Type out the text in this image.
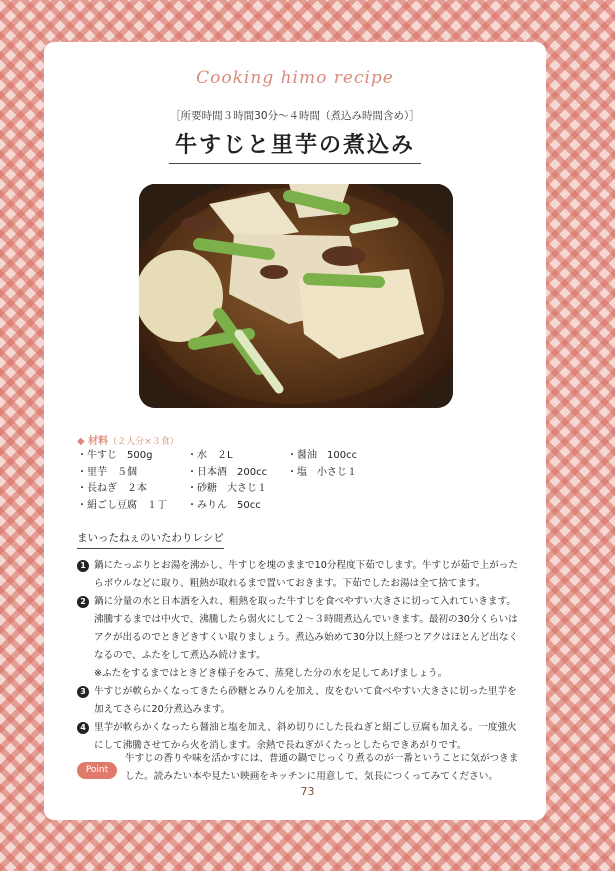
Cooking himo recipe
［所要時間３時間30分～４時間（煮込み時間含め）］
牛すじと里芋の煮込み
◆ 材料（２人分×３食）
・牛すじ　500g
・里芋　５個
・長ねぎ　２本
・絹ごし豆腐　１丁
・水　２L
・日本酒　200cc
・砂糖　大さじ１
・みりん　50cc
・醤油　100cc
・塩　小さじ１
まいったねぇのいたわりレシピ
1 鍋にたっぷりとお湯を沸かし、牛すじを塊のままで10分程度下茹でします。牛すじが茹で上がったらボウルなどに取り、粗熱が取れるまで置いておきます。下茹でしたお湯は全て捨てます。
2 鍋に分量の水と日本酒を入れ、粗熱を取った牛すじを食べやすい大きさに切って入れていきます。沸騰するまでは中火で、沸騰したら弱火にして２～３時間煮込んでいきます。最初の30分くらいはアクが出るのでときどきすくい取りましょう。煮込み始めて30分以上経つとアクはほとんど出なくなるので、ふたをして煮込み続けます。
※ふたをするまではときどき様子をみて、蒸発した分の水を足してあげましょう。
3 牛すじが軟らかくなってきたら砂糖とみりんを加え、皮をむいて食べやすい大きさに切った里芋を加えてさらに20分煮込みます。
4 里芋が軟らかくなったら醤油と塩を加え、斜め切りにした長ねぎと絹ごし豆腐も加える。一度強火にして沸騰させてから火を消します。余熱で長ねぎがくたっとしたらできあがりです。
Point
牛すじの香りや味を活かすには、普通の鍋でじっくり煮るのが一番ということに気がつきました。読みたい本や見たい映画をキッチンに用意して、気長につくってみてください。
73
